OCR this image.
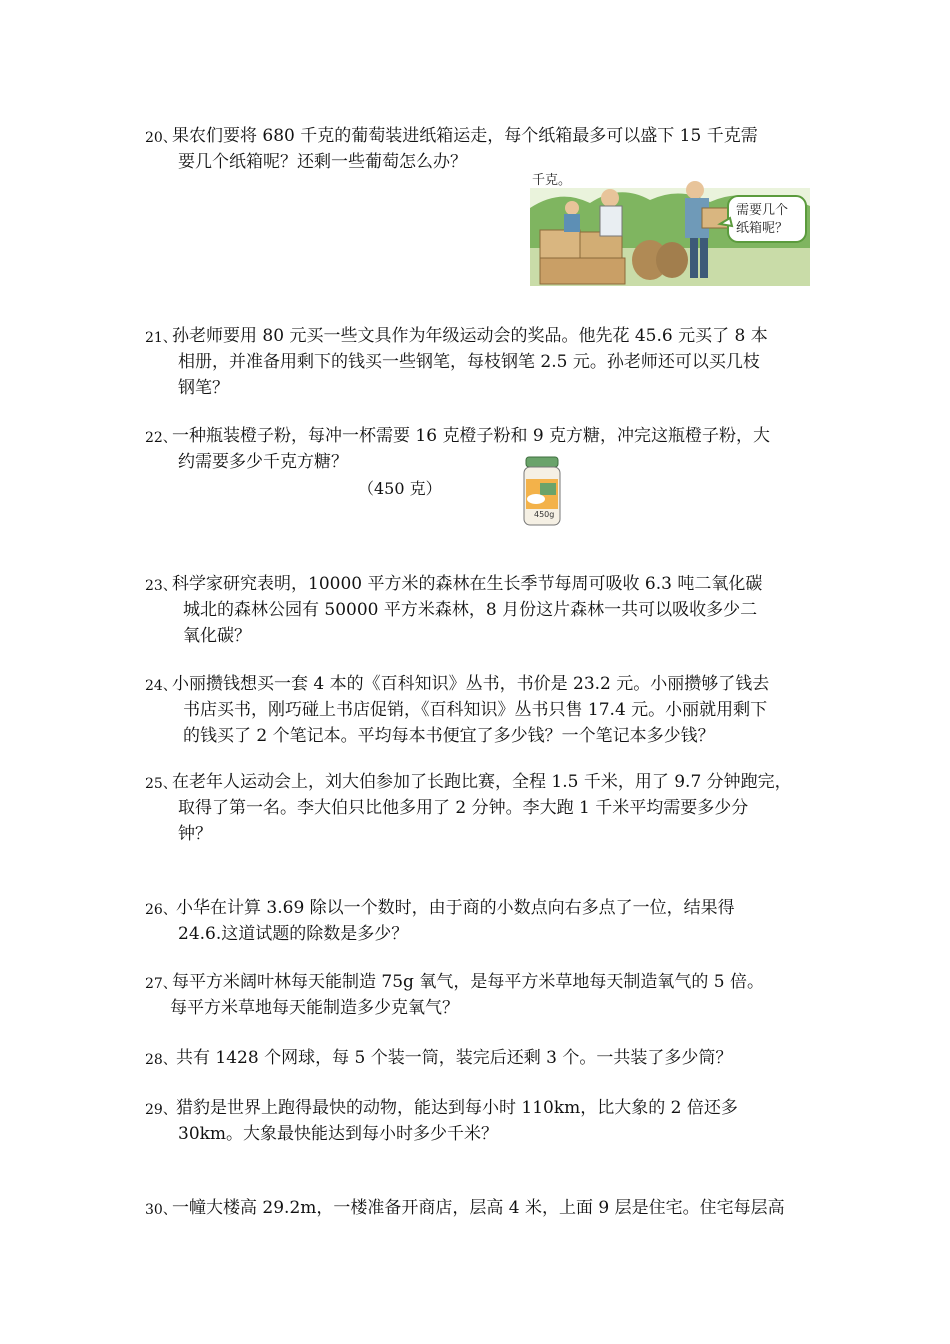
20、
果农们要将 680 千克的葡萄装进纸箱运走，每个纸箱最多可以盛下 15 千克需
要几个纸箱呢？还剩一些葡萄怎么办？
需要几个
纸箱呢？
千克。
21、
孙老师要用 80 元买一些文具作为年级运动会的奖品。他先花 45.6 元买了 8 本
相册，并准备用剩下的钱买一些钢笔，每枝钢笔 2.5 元。孙老师还可以买几枝
钢笔？
22、
一种瓶装橙子粉，每冲一杯需要 16 克橙子粉和 9 克方糖，冲完这瓶橙子粉，大
约需要多少千克方糖？
（450 克）
450g
23、
科学家研究表明，10000 平方米的森林在生长季节每周可吸收 6.3 吨二氧化碳
城北的森林公园有 50000 平方米森林，8 月份这片森林一共可以吸收多少二
氧化碳？
24、
小丽攒钱想买一套 4 本的《百科知识》丛书，书价是 23.2 元。小丽攒够了钱去
书店买书，刚巧碰上书店促销，《百科知识》丛书只售 17.4 元。小丽就用剩下
的钱买了 2 个笔记本。平均每本书便宜了多少钱？一个笔记本多少钱？
25、
在老年人运动会上，刘大伯参加了长跑比赛，全程 1.5 千米，用了 9.7 分钟跑完，
取得了第一名。李大伯只比他多用了 2 分钟。李大跑 1 千米平均需要多少分
钟？
26、 小华在计算 3.69 除以一个数时，由于商的小数点向右多点了一位，结果得
24.6.这道试题的除数是多少？
27、
每平方米阔叶林每天能制造 75g 氧气，是每平方米草地每天制造氧气的 5 倍。
每平方米草地每天能制造多少克氧气？
28、 共有 1428 个网球，每 5 个装一筒，装完后还剩 3 个。一共装了多少筒？
29、 猎豹是世界上跑得最快的动物，能达到每小时 110km，比大象的 2 倍还多
30km。大象最快能达到每小时多少千米？
30、
一幢大楼高 29.2m，一楼准备开商店，层高 4 米，上面 9 层是住宅。住宅每层高
